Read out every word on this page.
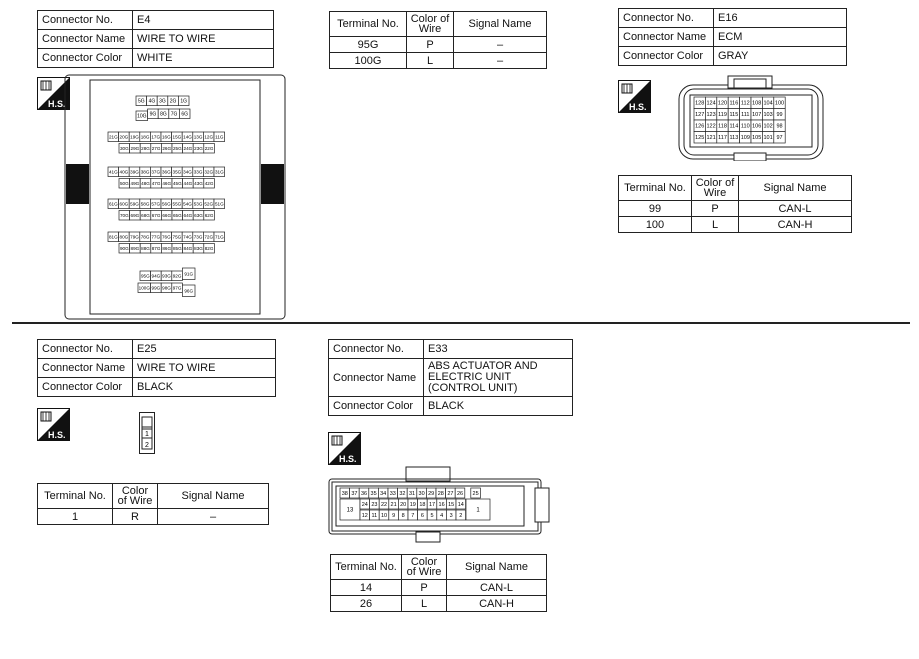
Connector No.	E4
Connector Name	WIRE TO WIRE
Connector Color	WHITE
H.S.	5G 4G 3G 2G 1G
10G 9G 8G 7G 6G
21G 20G 19G 18G 17G 16G 15G 14G 13G 12G 11G
30G 29G 28G 27G 26G 25G 24G 23G 22G
41G 40G 39G 38G 37G 36G 35G 34G 33G 32G 31G
50G 49G 48G 47G 46G 45G 44G 43G 42G
61G 60G 59G 58G 57G 56G 55G 54G 53G 52G 51G
70G 69G 68G 67G 66G 65G 64G 63G 62G
81G 80G 79G 78G 77G 76G 75G 74G 73G 72G 71G
90G 89G 88G 87G 86G 85G 84G 83G 82G
95G 94G 93G 92G 91G
100G 99G 98G 97G
96G
Terminal No.	Color of Wire	Signal Name
95G	P	–
100G	L	–
Connector No.	E16
Connector Name	ECM
Connector Color	GRAY
H.S.	128 124 120 116 112 108 104 100
127 123 119 115 111 107 103 99
126 122 118 114 110 106 102 98
125 121 117 113 109 105 101 97
Terminal No.	Color of Wire	Signal Name
99	P	CAN-L
100	L	CAN-H
Connector No.	E25
Connector Name	WIRE TO WIRE
Connector Color	BLACK
H.S.	1
2
Terminal No.	Color of Wire	Signal Name
1	R	–
Connector No.	E33
Connector Name	ABS ACTUATOR AND ELECTRIC UNIT (CONTROL UNIT)
Connector Color	BLACK
H.S.
38 37 36 35 34 33 32 31 30 29 28 27 26 25
13
24 23 22 21 20 19 18 17 16 15 14
12 11 10 9 8 7 6 5 4 3 2
1
Terminal No.	Color of Wire	Signal Name
14	P	CAN-L
26	L	CAN-H
